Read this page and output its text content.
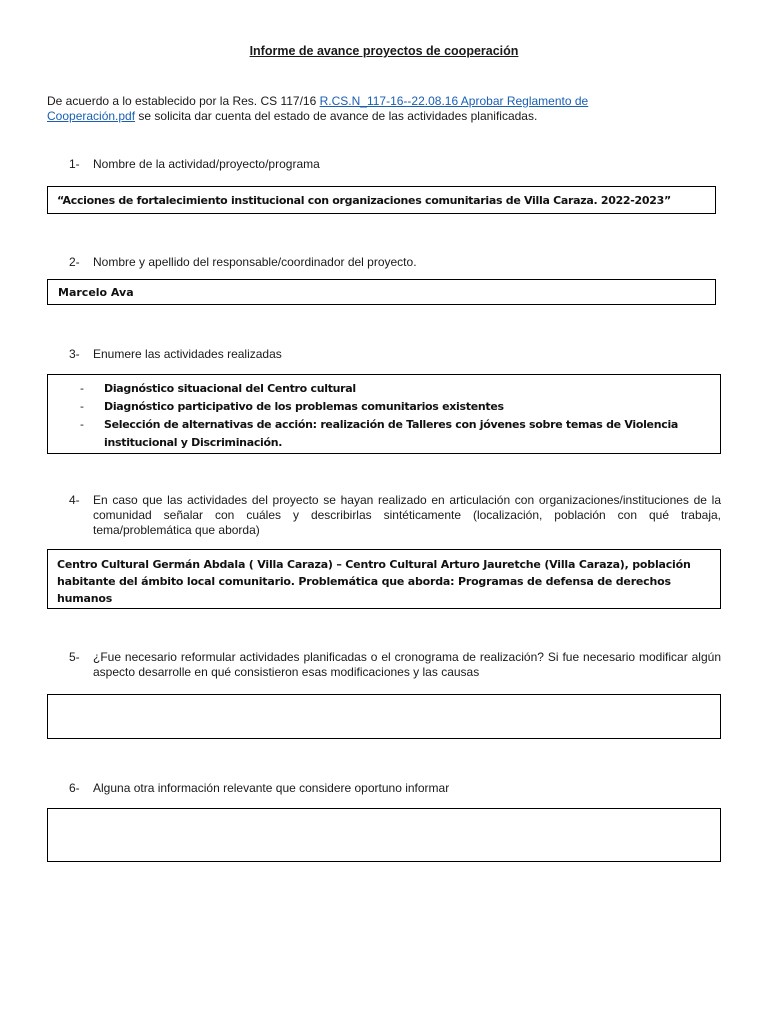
Informe de avance proyectos de cooperación
De acuerdo a lo establecido por la Res. CS 117/16 R.CS.N_117-16--22.08.16 Aprobar Reglamento de Cooperación.pdf se solicita dar cuenta del estado de avance de las actividades planificadas.
1- Nombre de la actividad/proyecto/programa
“Acciones de fortalecimiento institucional con organizaciones comunitarias de Villa Caraza. 2022-2023”
2- Nombre y apellido del responsable/coordinador del proyecto.
Marcelo Ava
3- Enumere las actividades realizadas
- Diagnóstico situacional del Centro cultural
- Diagnóstico participativo de los problemas comunitarios existentes
- Selección de alternativas de acción: realización de Talleres con jóvenes sobre temas de Violencia institucional y Discriminación.
4- En caso que las actividades del proyecto se hayan realizado en articulación con organizaciones/instituciones de la comunidad señalar con cuáles y describirlas sintéticamente (localización, población con qué trabaja, tema/problemática que aborda)
Centro Cultural Germán Abdala ( Villa Caraza) – Centro Cultural Arturo Jauretche (Villa Caraza), población habitante del ámbito local comunitario. Problemática que aborda: Programas de defensa de derechos humanos
5- ¿Fue necesario reformular actividades planificadas o el cronograma de realización? Si fue necesario modificar algún aspecto desarrolle en qué consistieron esas modificaciones y las causas
6- Alguna otra información relevante que considere oportuno informar
